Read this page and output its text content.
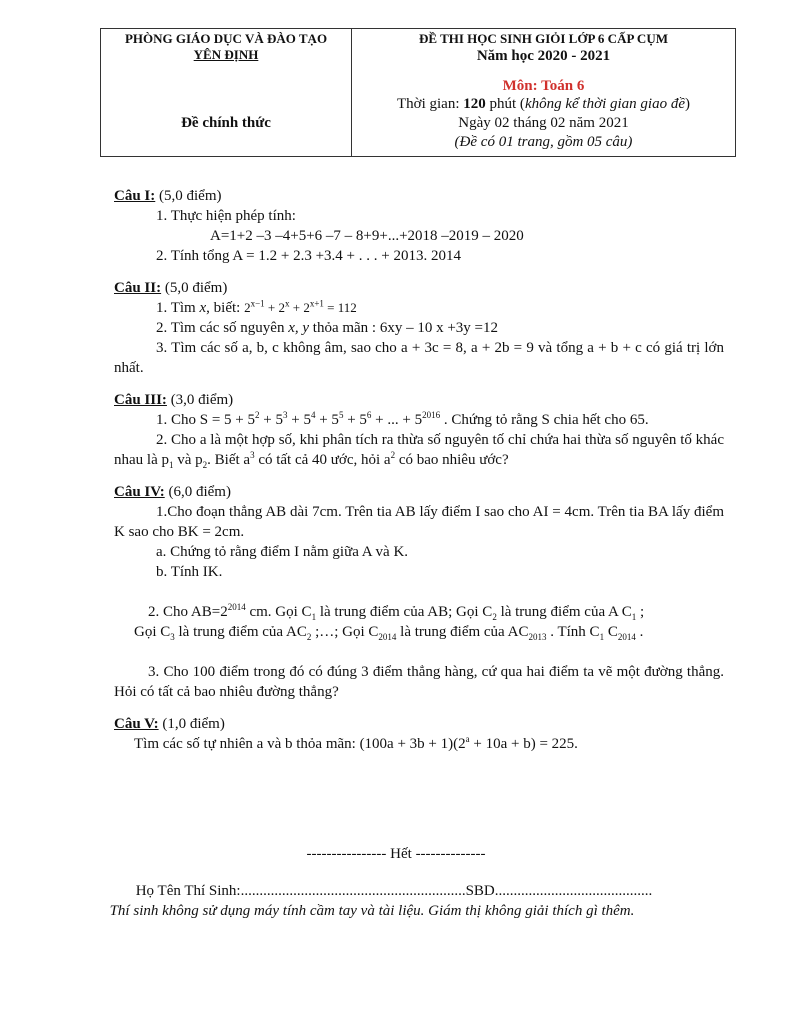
PHÒNG GIÁO DỤC VÀ ĐÀO TẠO
YÊN ĐỊNH
Đề chính thức

ĐỀ THI HỌC SINH GIỎI LỚP 6 CẤP CỤM
Năm học 2020 - 2021
Môn: Toán 6
Thời gian: 120 phút (không kể thời gian giao đề)
Ngày 02 tháng 02 năm 2021
(Đề có 01 trang, gồm 05 câu)
Câu I: (5,0 điểm)
1. Thực hiện phép tính:
A=1+2 –3 –4+5+6 –7 – 8+9+...+2018 –2019 – 2020
2. Tính tổng A = 1.2 + 2.3 +3.4 + . . . + 2013. 2014
Câu II: (5,0 điểm)
1. Tìm x, biết: $2^{x-1} + 2^x + 2^{x+1} = 112$
2. Tìm các số nguyên x, y thỏa mãn : 6xy – 10 x +3y =12
3. Tìm các số a, b, c không âm, sao cho a + 3c = 8, a + 2b = 9 và tổng a + b + c có giá trị lớn nhất.
Câu III: (3,0 điểm)
1. Cho $S = 5 + 5^2 + 5^3 + 5^4 + 5^5 + 5^6$ + ... + $5^{2016}$ . Chứng tỏ rằng S chia hết cho 65.
2. Cho a là một hợp số, khi phân tích ra thừa số nguyên tố chỉ chứa hai thừa số nguyên tố khác nhau là $p_1$ và $p_2$. Biết $a^3$ có tất cả 40 ước, hỏi $a^2$ có bao nhiêu ước?
Câu IV: (6,0 điểm)
1.Cho đoạn thẳng AB dài 7cm. Trên tia AB lấy điểm I sao cho AI = 4cm. Trên tia BA lấy điểm K sao cho BK = 2cm.
a. Chứng tỏ rằng điểm I nằm giữa A và K.
b. Tính IK.
2. Cho $AB=2^{2014}$ cm. Gọi $C_1$ là trung điểm của AB; Gọi $C_2$ là trung điểm của A $C_1$ ;
Gọi $C_3$ là trung điểm của $AC_2$ ;…; Gọi $C_{2014}$ là trung điểm của $AC_{2013}$ . Tính $C_1$ $C_{2014}$ .
3. Cho 100 điểm trong đó có đúng 3 điểm thẳng hàng, cứ qua hai điểm ta vẽ một đường thẳng. Hỏi có tất cả bao nhiêu đường thẳng?
Câu V: (1,0 điểm)
Tìm các số tự nhiên a và b thỏa mãn: $(100a + 3b + 1)(2^a + 10a + b) = 225$.
---------------- Hết --------------
Họ Tên Thí Sinh:............................................................SBD..........................................
Thí sinh không sử dụng máy tính cầm tay và tài liệu. Giám thị không giải thích gì thêm.
